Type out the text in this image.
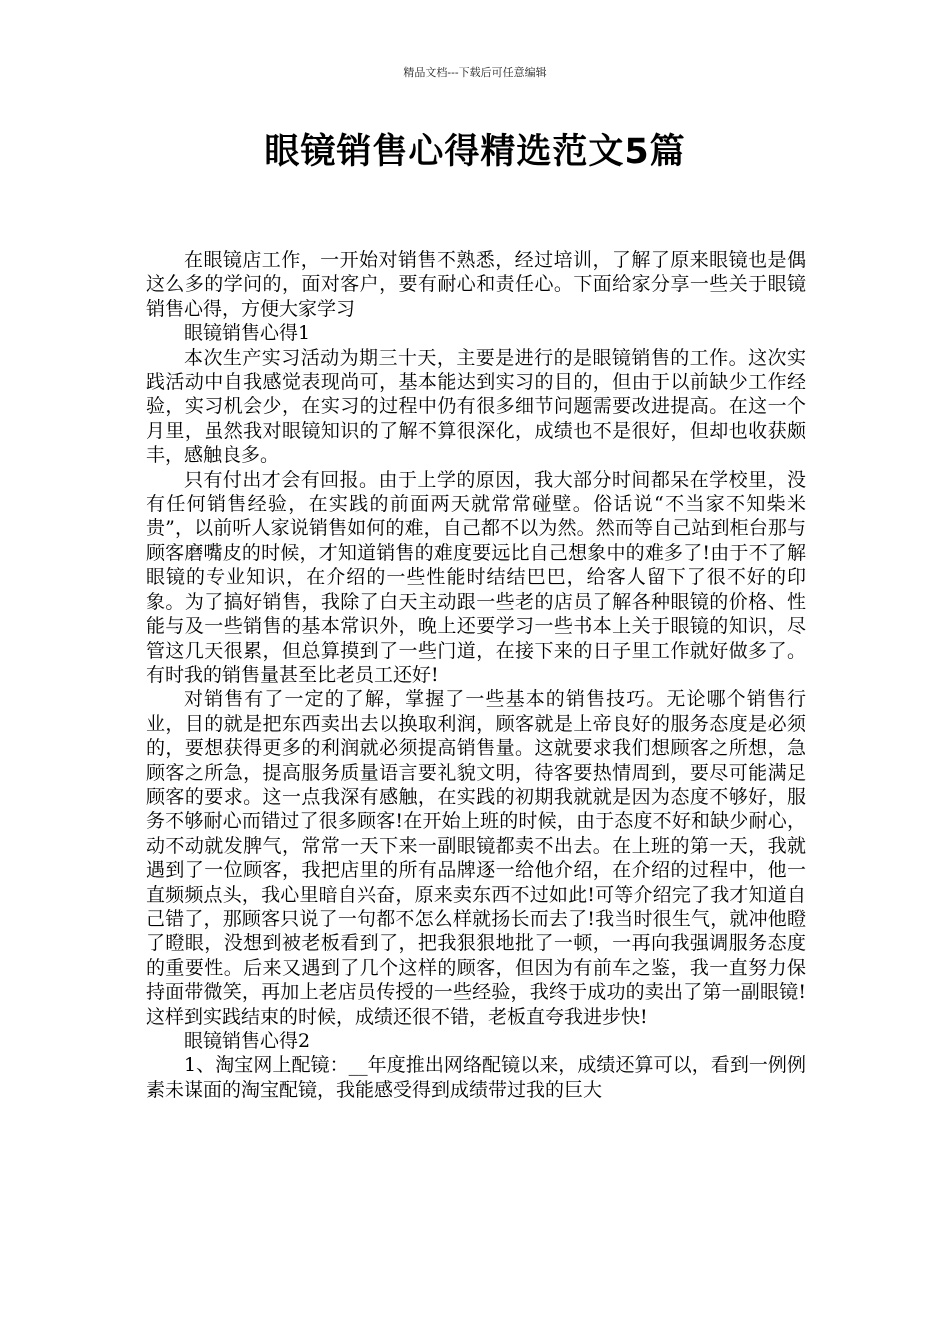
精品文档---下载后可任意编辑
眼镜销售心得精选范文5篇

在眼镜店工作，一开始对销售不熟悉，经过培训，了解了原来眼镜也是偶这么多的学问的，面对客户，要有耐心和责任心。下面给家分享一些关于眼镜销售心得，方便大家学习

眼镜销售心得1

本次生产实习活动为期三十天，主要是进行的是眼镜销售的工作。这次实践活动中自我感觉表现尚可，基本能达到实习的目的，但由于以前缺少工作经验，实习机会少，在实习的过程中仍有很多细节问题需要改进提高。在这一个月里，虽然我对眼镜知识的了解不算很深化，成绩也不是很好，但却也收获颇丰，感触良多。

只有付出才会有回报。由于上学的原因，我大部分时间都呆在学校里，没有任何销售经验，在实践的前面两天就常常碰壁。俗话说“不当家不知柴米贵”，以前听人家说销售如何的难，自己都不以为然。然而等自己站到柜台那与顾客磨嘴皮的时候，才知道销售的难度要远比自己想象中的难多了!由于不了解眼镜的专业知识，在介绍的一些性能时结结巴巴，给客人留下了很不好的印象。为了搞好销售，我除了白天主动跟一些老的店员了解各种眼镜的价格、性能与及一些销售的基本常识外，晚上还要学习一些书本上关于眼镜的知识，尽管这几天很累，但总算摸到了一些门道，在接下来的日子里工作就好做多了。有时我的销售量甚至比老员工还好!

对销售有了一定的了解，掌握了一些基本的销售技巧。无论哪个销售行业，目的就是把东西卖出去以换取利润，顾客就是上帝良好的服务态度是必须的，要想获得更多的利润就必须提高销售量。这就要求我们想顾客之所想，急顾客之所急，提高服务质量语言要礼貌文明，待客要热情周到，要尽可能满足顾客的要求。这一点我深有感触，在实践的初期我就就是因为态度不够好，服务不够耐心而错过了很多顾客!在开始上班的时候，由于态度不好和缺少耐心，动不动就发脾气，常常一天下来一副眼镜都卖不出去。在上班的第一天，我就遇到了一位顾客，我把店里的所有品牌逐一给他介绍，在介绍的过程中，他一直频频点头，我心里暗自兴奋，原来卖东西不过如此!可等介绍完了我才知道自己错了，那顾客只说了一句都不怎么样就扬长而去了!我当时很生气，就冲他瞪了瞪眼，没想到被老板看到了，把我狠狠地批了一顿，一再向我强调服务态度的重要性。后来又遇到了几个这样的顾客，但因为有前车之鉴，我一直努力保持面带微笑，再加上老店员传授的一些经验，我终于成功的卖出了第一副眼镜!这样到实践结束的时候，成绩还很不错，老板直夸我进步快!

眼镜销售心得2

1、淘宝网上配镜：__年度推出网络配镜以来，成绩还算可以，看到一例例素未谋面的淘宝配镜，我能感受得到成绩带过我的巨大
